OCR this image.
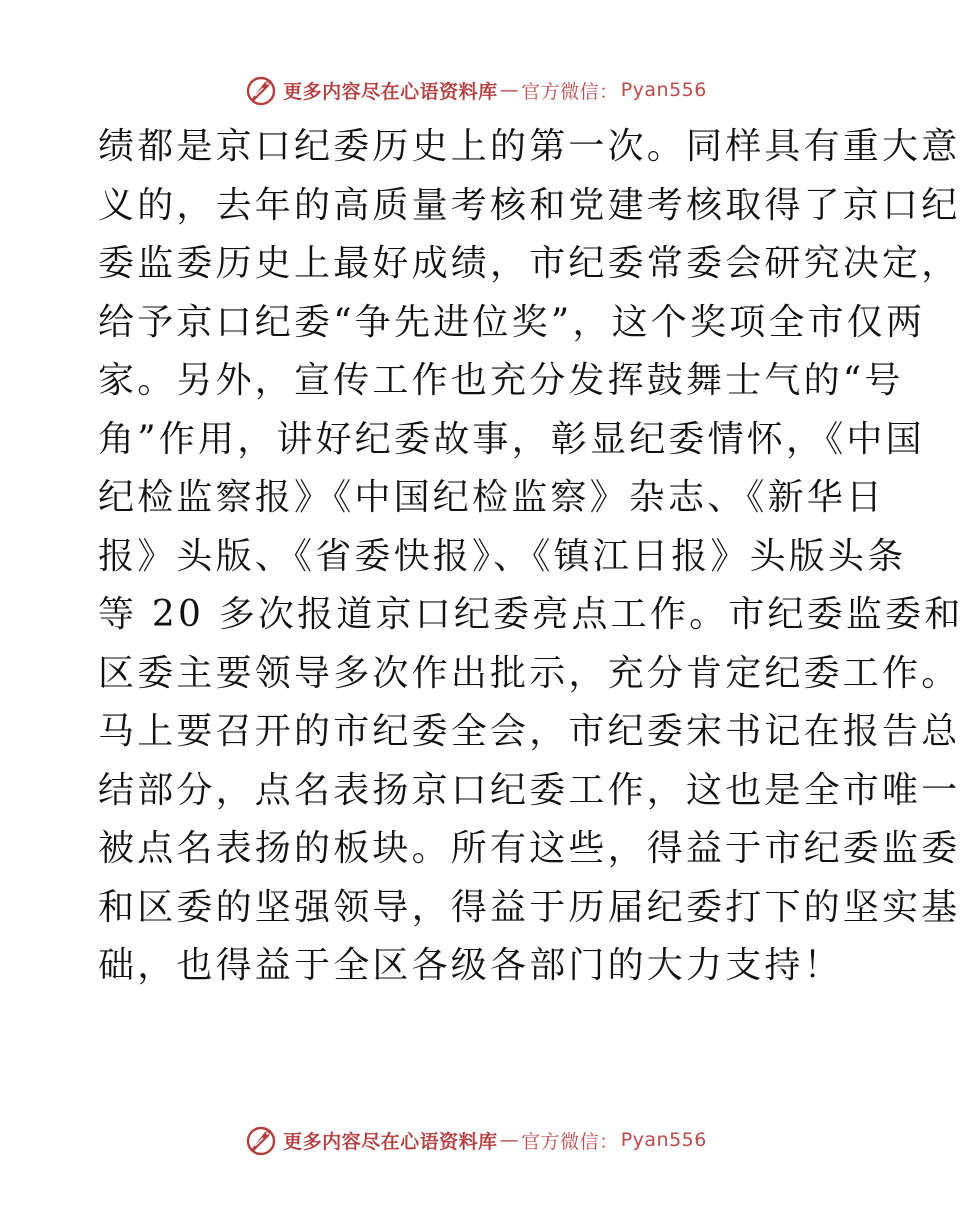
更多内容尽在心语资料库 — 官方微信： Pyan556
绩都是京口纪委历史上的第一次。同样具有重大意
义的，去年的高质量考核和党建考核取得了京口纪
委监委历史上最好成绩，市纪委常委会研究决定，
给予京口纪委“争先进位奖”，这个奖项全市仅两
家。另外，宣传工作也充分发挥鼓舞士气的“号
角”作用，讲好纪委故事，彰显纪委情怀，《中国
纪检监察报》《中国纪检监察》杂志、《新华日
报》头版、《省委快报》、《镇江日报》头版头条
等 20 多次报道京口纪委亮点工作。市纪委监委和
区委主要领导多次作出批示，充分肯定纪委工作。
马上要召开的市纪委全会，市纪委宋书记在报告总
结部分，点名表扬京口纪委工作，这也是全市唯一
被点名表扬的板块。所有这些，得益于市纪委监委
和区委的坚强领导，得益于历届纪委打下的坚实基
础，也得益于全区各级各部门的大力支持！
更多内容尽在心语资料库 — 官方微信： Pyan556
